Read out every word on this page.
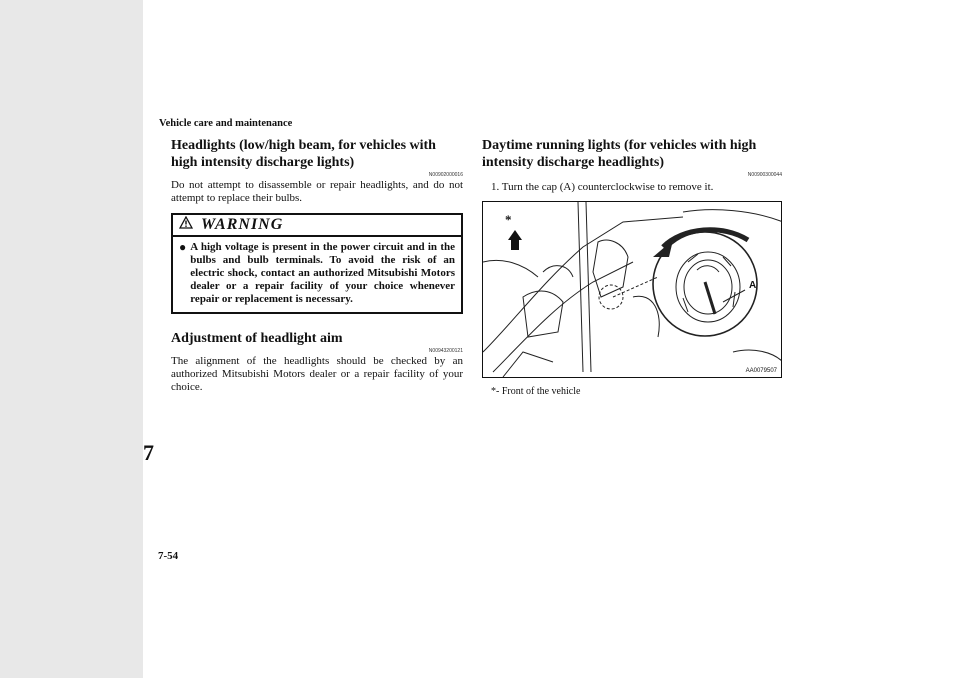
7
Vehicle care and maintenance
7-54
Headlights (low/high beam, for vehicles with high intensity discharge lights)
N00902000016

Do not attempt to disassemble or repair headlights, and do not attempt to replace their bulbs.

WARNING
● A high voltage is present in the power circuit and in the bulbs and bulb terminals. To avoid the risk of an electric shock, contact an authorized Mitsubishi Motors dealer or a repair facility of your choice whenever repair or replacement is necessary.
Adjustment of headlight aim
N00943200121

The alignment of the headlights should be checked by an authorized Mitsubishi Motors dealer or a repair facility of your choice.

Daytime running lights (for vehicles with high intensity discharge headlights)
N00900300044
1. Turn the cap (A) counterclockwise to remove it.
A
*
AA0079507
*- Front of the vehicle
